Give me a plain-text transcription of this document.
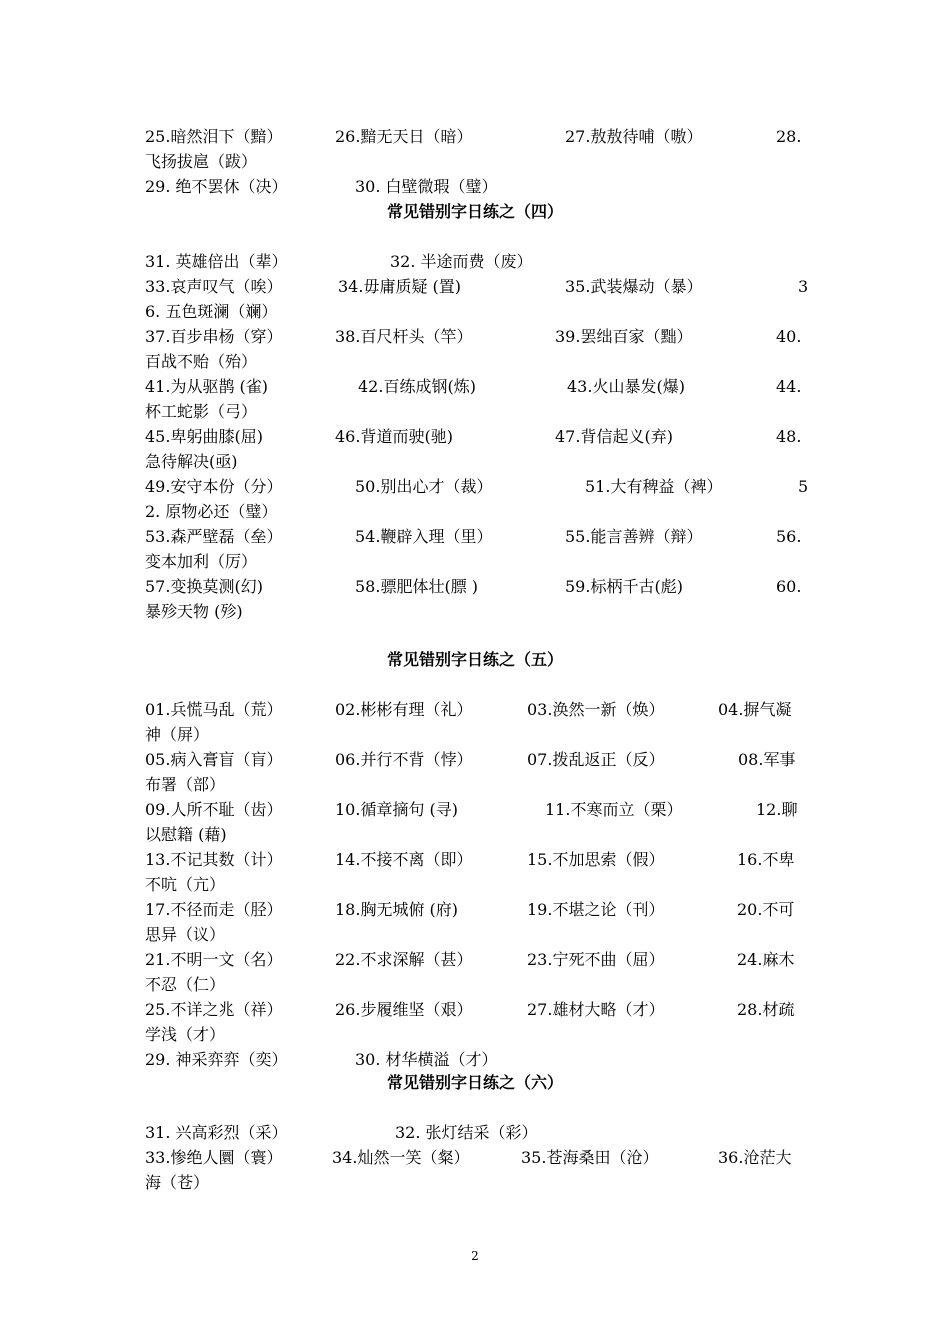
25.暗然泪下（黯）	26.黯无天日（暗）	27.敖敖待哺（嗷）	28.
飞扬拔扈（跋）
29. 绝不罢休（决）	30. 白壁微瑕（璧）
31. 英雄倍出（辈）	32. 半途而费（废）
33.哀声叹气（唉）	34.毋庸质疑 (置)	35.武装爆动（暴）	3
6. 五色斑澜（斓）
37.百步串杨（穿）	38.百尺杆头（竿）	39.罢绌百家（黜）	40.
百战不贻（殆）
41.为从驱鹊 (雀)	42.百练成钢(炼)	43.火山暴发(爆)	44.
杯工蛇影（弓）
45.卑躬曲膝(屈)	46.背道而驶(驰)	47.背信起义(弃)	48.
急待解决(亟)
49.安守本份（分）	50.别出心才（裁）	51.大有稗益（裨）	5
2. 原物必还（璧）
53.森严壁磊（垒）	54.鞭辟入理（里）	55.能言善辨（辩）	56.
变本加利（厉）
57.变换莫测(幻)	58.骠肥体壮(膘 )	59.标柄千古(彪)	60.
暴殄天物 (殄)
01.兵慌马乱（荒）	02.彬彬有理（礼）	03.涣然一新（焕）	04.摒气凝
神（屏）
05.病入膏盲（肓）	06.并行不背（悖）	07.拨乱返正（反）	08.军事
布署（部）
09.人所不耻（齿）	10.循章摘句 (寻)	11.不寒而立（栗）	12.聊
以慰籍 (藉)
13.不记其数（计）	14.不接不离（即）	15.不加思索（假）	16.不卑
不吭（亢）
17.不径而走（胫）	18.胸无城俯 (府)	19.不堪之论（刊）	20.不可
思异（议）
21.不明一文（名）	22.不求深解（甚）	23.宁死不曲（屈）	24.麻木
不忍（仁）
25.不详之兆（祥）	26.步履维坚（艰）	27.雄材大略（才）	28.材疏
学浅（才）
29. 神采弈弈（奕）	30. 材华横溢（才）
31. 兴高彩烈（采）	32. 张灯结采（彩）
33.惨绝人圜（寰）	34.灿然一笑（粲）	35.苍海桑田（沧）	36.沧茫大
海（苍）
常见错别字日练之（四）
常见错别字日练之（五）
常见错别字日练之（六）
2
